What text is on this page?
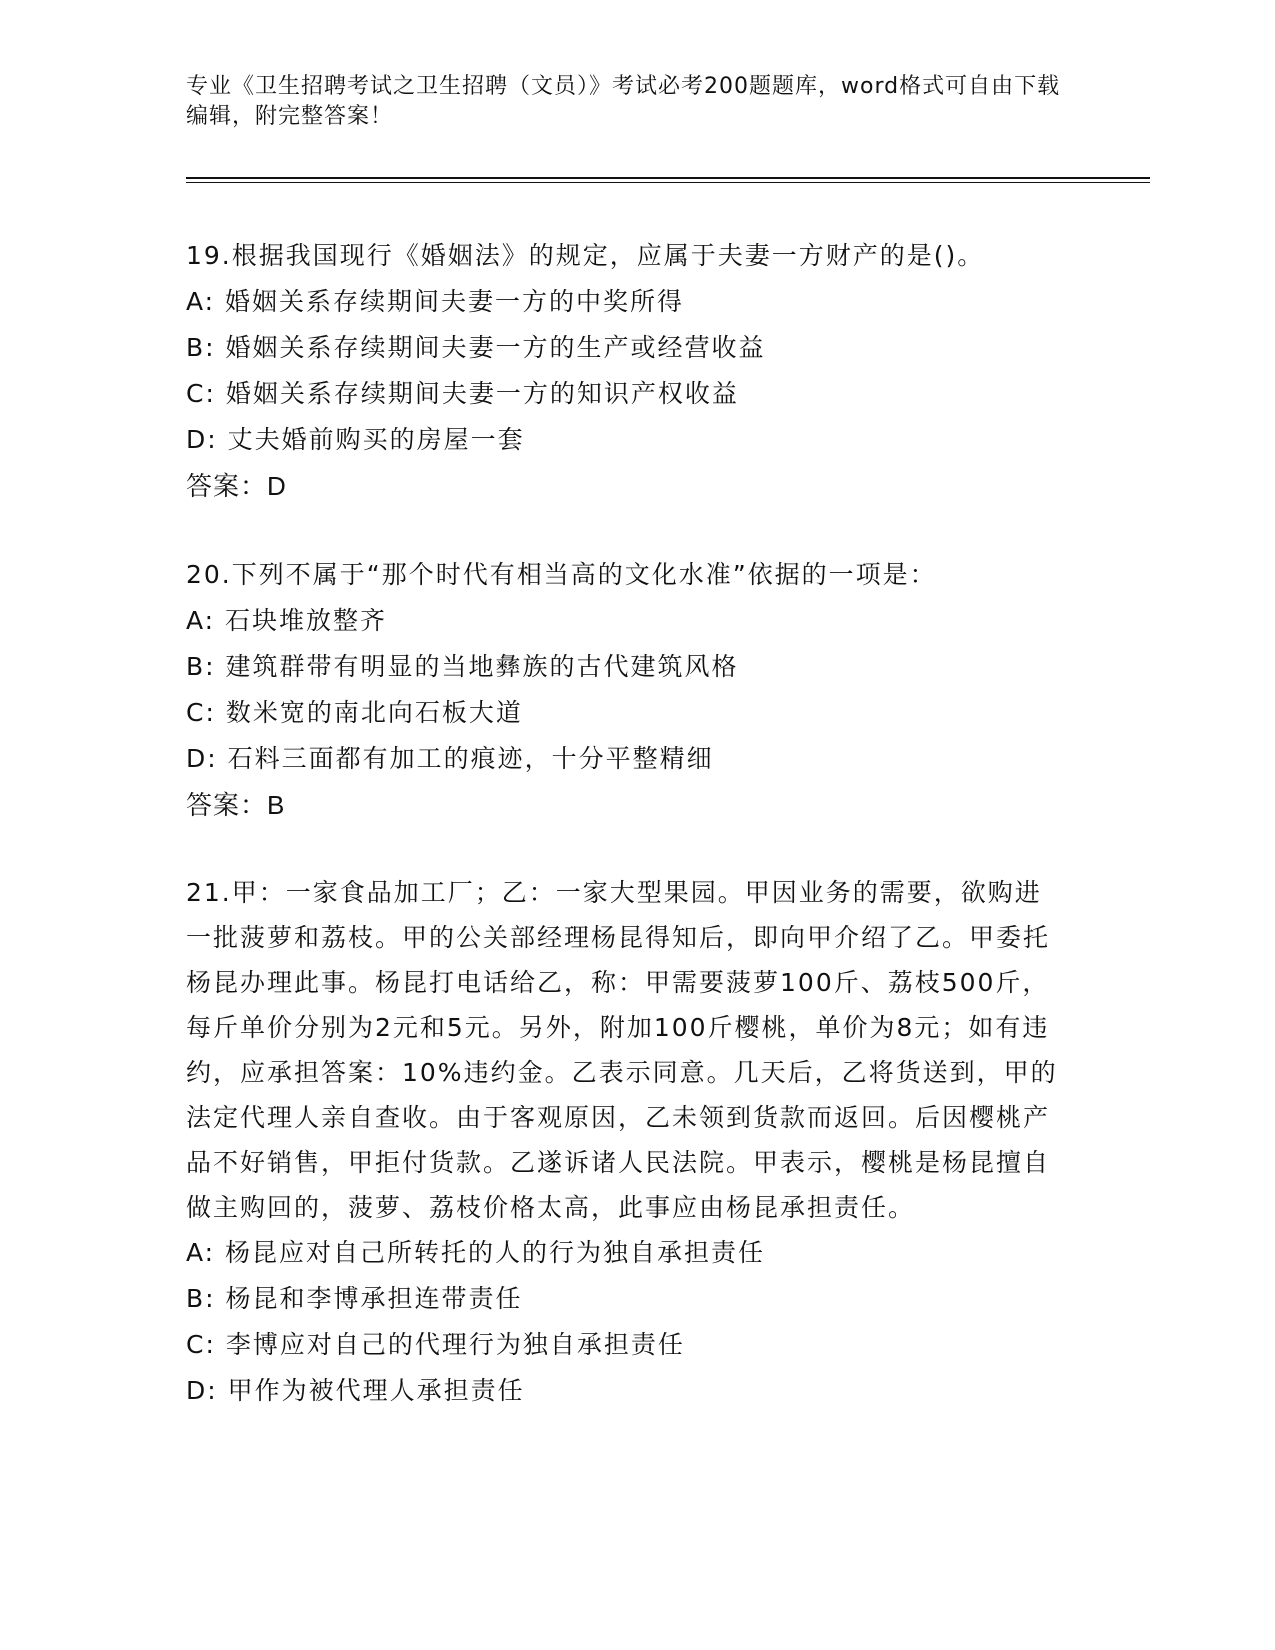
专业《卫生招聘考试之卫生招聘（文员）》考试必考200题题库，word格式可自由下载编辑，附完整答案！
19.根据我国现行《婚姻法》的规定，应属于夫妻一方财产的是()。
A: 婚姻关系存续期间夫妻一方的中奖所得
B: 婚姻关系存续期间夫妻一方的生产或经营收益
C: 婚姻关系存续期间夫妻一方的知识产权收益
D: 丈夫婚前购买的房屋一套
答案：D
20.下列不属于“那个时代有相当高的文化水准”依据的一项是：
A: 石块堆放整齐
B: 建筑群带有明显的当地彝族的古代建筑风格
C: 数米宽的南北向石板大道
D: 石料三面都有加工的痕迹，十分平整精细
答案：B
21.甲：一家食品加工厂；乙：一家大型果园。甲因业务的需要，欲购进一批菠萝和荔枝。甲的公关部经理杨昆得知后，即向甲介绍了乙。甲委托杨昆办理此事。杨昆打电话给乙，称：甲需要菠萝100斤、荔枝500斤，每斤单价分别为2元和5元。另外，附加100斤樱桃，单价为8元；如有违约，应承担答案：10%违约金。乙表示同意。几天后，乙将货送到，甲的法定代理人亲自查收。由于客观原因，乙未领到货款而返回。后因樱桃产品不好销售，甲拒付货款。乙遂诉诸人民法院。甲表示，樱桃是杨昆擅自做主购回的，菠萝、荔枝价格太高，此事应由杨昆承担责任。
A: 杨昆应对自己所转托的人的行为独自承担责任
B: 杨昆和李博承担连带责任
C: 李博应对自己的代理行为独自承担责任
D: 甲作为被代理人承担责任
